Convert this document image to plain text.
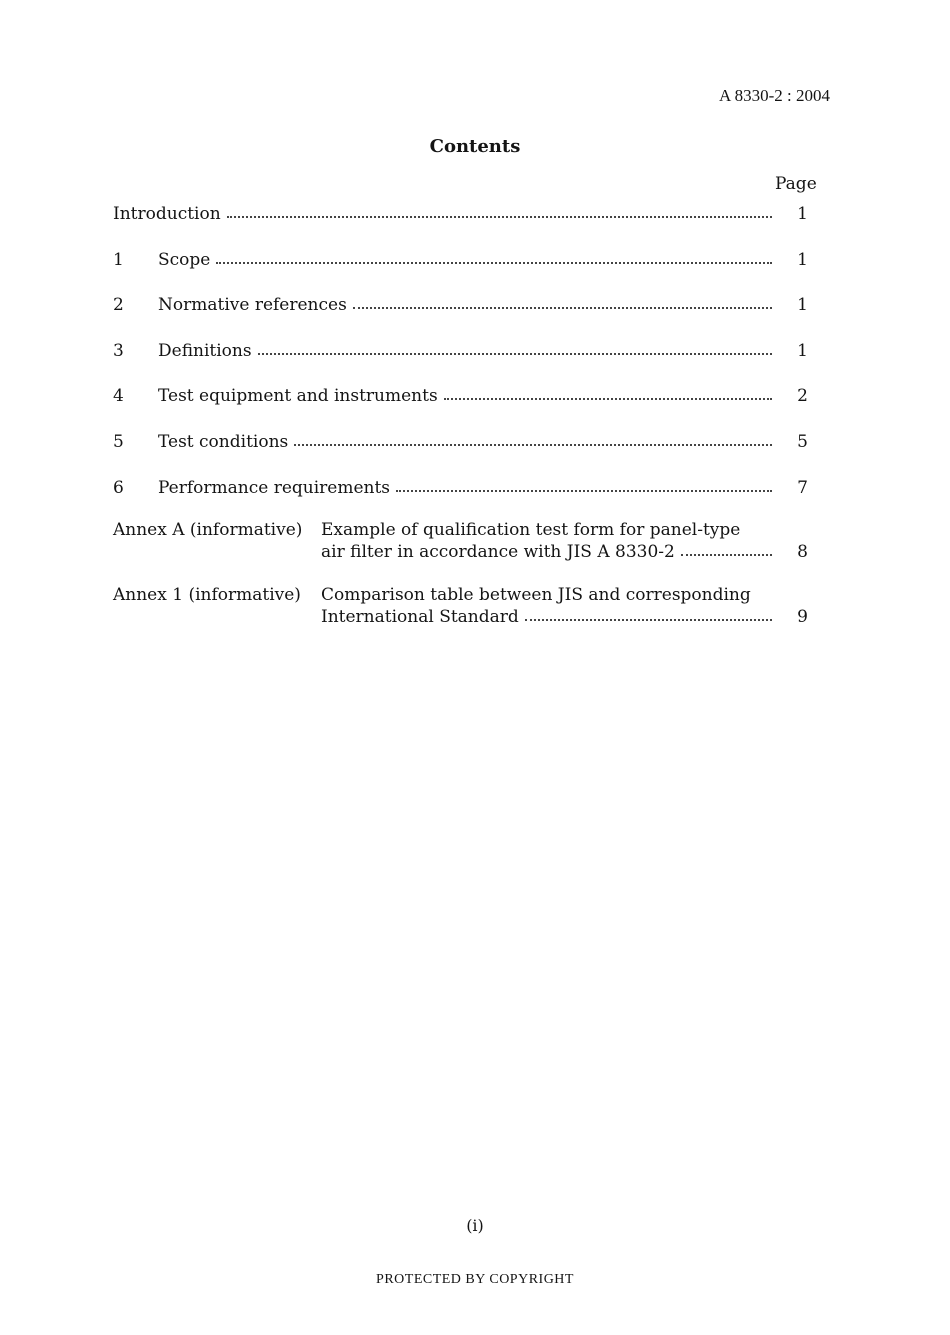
A 8330-2 : 2004
Contents
Page
Introduction	1
1	Scope	1
2	Normative references	1
3	Definitions	1
4	Test equipment and instruments	2
5	Test conditions	5
6	Performance requirements	7
Annex A (informative) Example of qualification test form for panel-type
air filter in accordance with JIS A 8330-2	8
Annex 1 (informative) Comparison table between JIS and corresponding
International Standard	9
(i)
PROTECTED BY COPYRIGHT
